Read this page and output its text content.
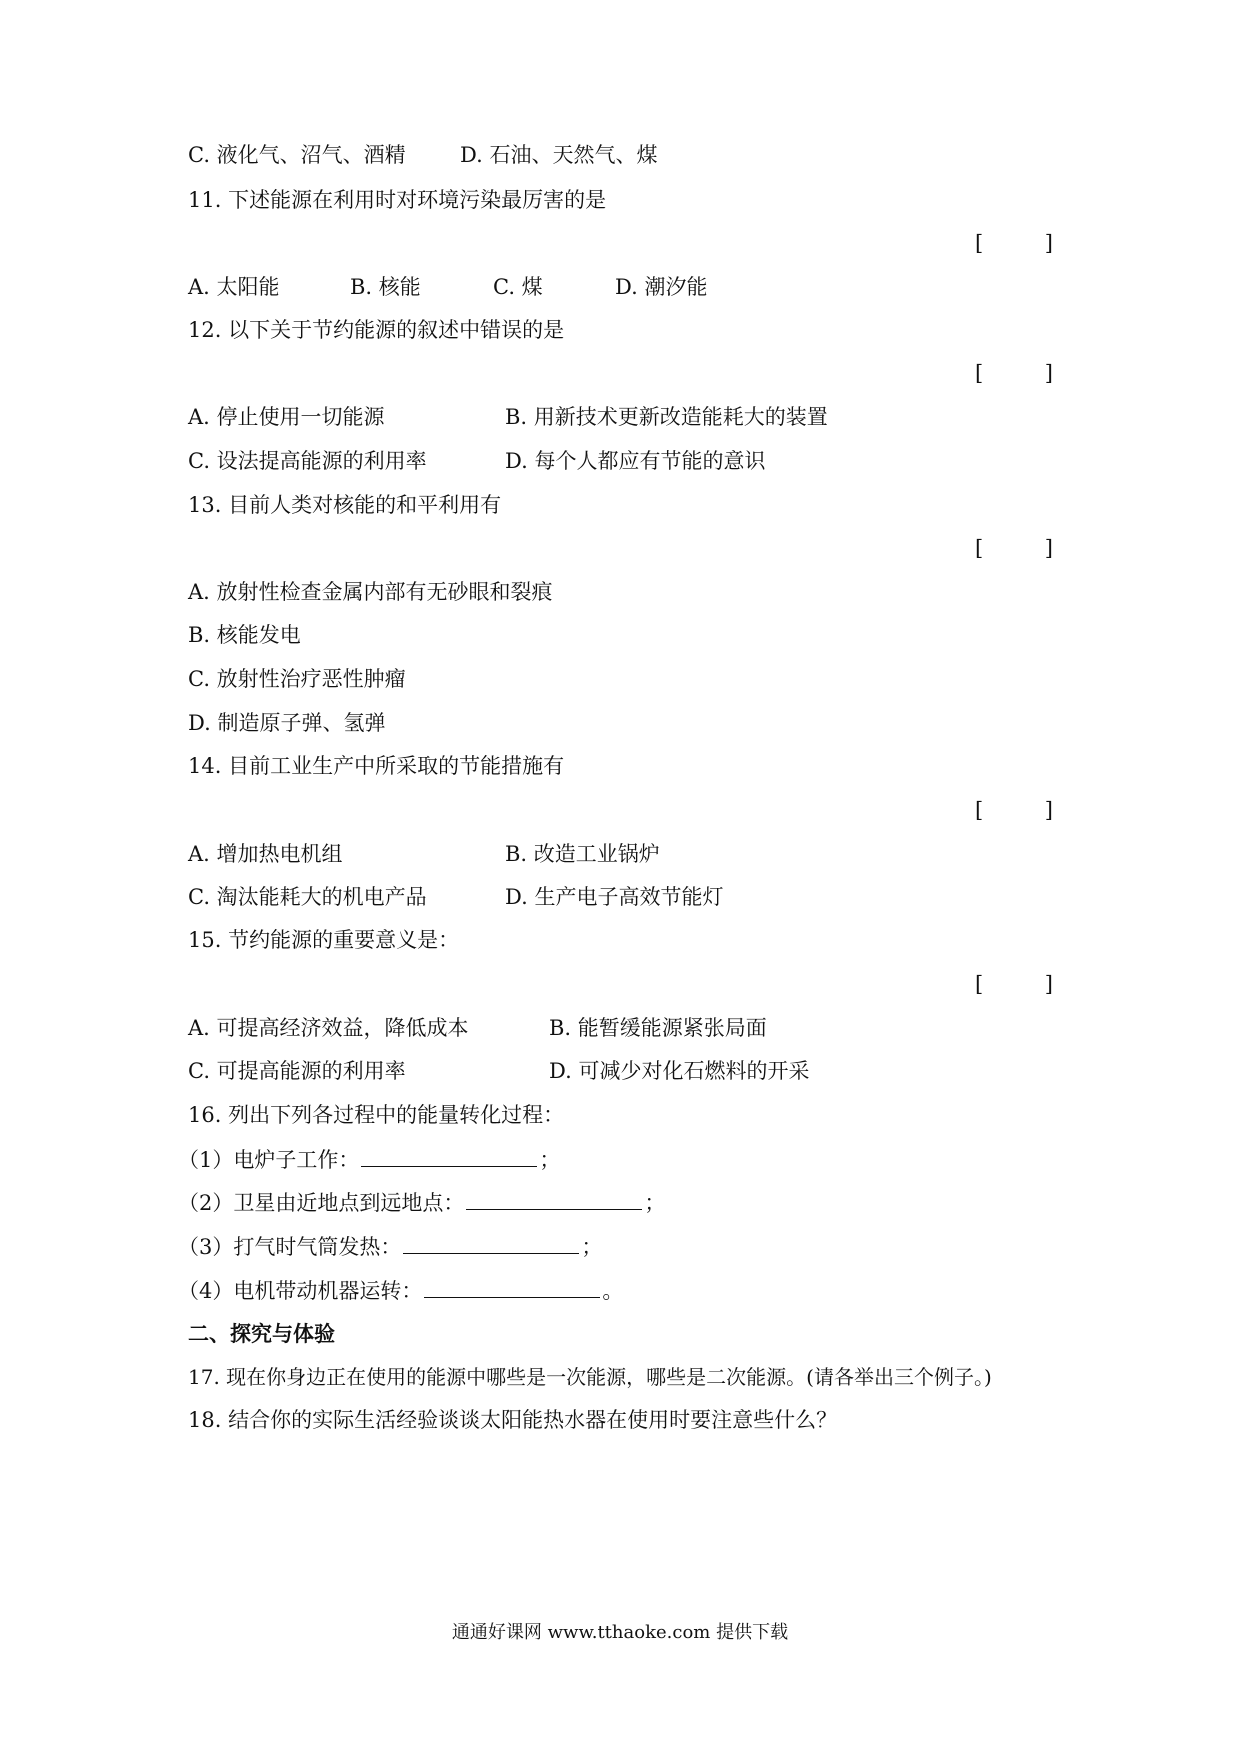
C. 液化气、沼气、酒精	D. 石油、天然气、煤
11. 下述能源在利用时对环境污染最厉害的是
[	]
A. 太阳能	B. 核能	C. 煤	D. 潮汐能
12. 以下关于节约能源的叙述中错误的是
[	]
A. 停止使用一切能源	B. 用新技术更新改造能耗大的装置
C. 设法提高能源的利用率	D. 每个人都应有节能的意识
13. 目前人类对核能的和平利用有
[	]
A. 放射性检查金属内部有无砂眼和裂痕
B. 核能发电
C. 放射性治疗恶性肿瘤
D. 制造原子弹、氢弹
14. 目前工业生产中所采取的节能措施有
[	]
A. 增加热电机组	B. 改造工业锅炉
C. 淘汰能耗大的机电产品	D. 生产电子高效节能灯
15. 节约能源的重要意义是：
[	]
A. 可提高经济效益，降低成本	B. 能暂缓能源紧张局面
C. 可提高能源的利用率	D. 可减少对化石燃料的开采
16. 列出下列各过程中的能量转化过程：
（1）电炉子工作：	；
（2）卫星由近地点到远地点：	；
（3）打气时气筒发热：	；
（4）电机带动机器运转：	。
二、探究与体验
17. 现在你身边正在使用的能源中哪些是一次能源，哪些是二次能源。(请各举出三个例子。)
18. 结合你的实际生活经验谈谈太阳能热水器在使用时要注意些什么？
通通好课网 www.tthaoke.com 提供下载
